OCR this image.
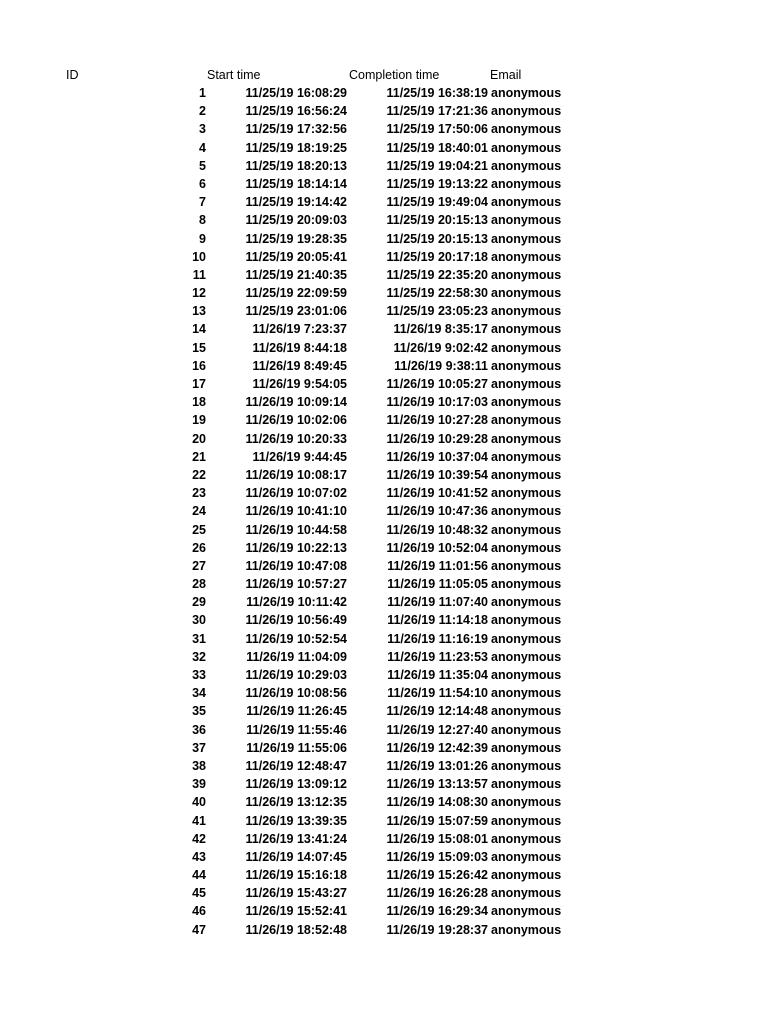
ID	Start time	Completion time	Email
1	11/25/19 16:08:29	11/25/19 16:38:19 anonymous
2	11/25/19 16:56:24	11/25/19 17:21:36 anonymous
3	11/25/19 17:32:56	11/25/19 17:50:06 anonymous
4	11/25/19 18:19:25	11/25/19 18:40:01 anonymous
5	11/25/19 18:20:13	11/25/19 19:04:21 anonymous
6	11/25/19 18:14:14	11/25/19 19:13:22 anonymous
7	11/25/19 19:14:42	11/25/19 19:49:04 anonymous
8	11/25/19 20:09:03	11/25/19 20:15:13 anonymous
9	11/25/19 19:28:35	11/25/19 20:15:13 anonymous
10	11/25/19 20:05:41	11/25/19 20:17:18 anonymous
11	11/25/19 21:40:35	11/25/19 22:35:20 anonymous
12	11/25/19 22:09:59	11/25/19 22:58:30 anonymous
13	11/25/19 23:01:06	11/25/19 23:05:23 anonymous
14	11/26/19 7:23:37	11/26/19 8:35:17 anonymous
15	11/26/19 8:44:18	11/26/19 9:02:42 anonymous
16	11/26/19 8:49:45	11/26/19 9:38:11 anonymous
17	11/26/19 9:54:05	11/26/19 10:05:27 anonymous
18	11/26/19 10:09:14	11/26/19 10:17:03 anonymous
19	11/26/19 10:02:06	11/26/19 10:27:28 anonymous
20	11/26/19 10:20:33	11/26/19 10:29:28 anonymous
21	11/26/19 9:44:45	11/26/19 10:37:04 anonymous
22	11/26/19 10:08:17	11/26/19 10:39:54 anonymous
23	11/26/19 10:07:02	11/26/19 10:41:52 anonymous
24	11/26/19 10:41:10	11/26/19 10:47:36 anonymous
25	11/26/19 10:44:58	11/26/19 10:48:32 anonymous
26	11/26/19 10:22:13	11/26/19 10:52:04 anonymous
27	11/26/19 10:47:08	11/26/19 11:01:56 anonymous
28	11/26/19 10:57:27	11/26/19 11:05:05 anonymous
29	11/26/19 10:11:42	11/26/19 11:07:40 anonymous
30	11/26/19 10:56:49	11/26/19 11:14:18 anonymous
31	11/26/19 10:52:54	11/26/19 11:16:19 anonymous
32	11/26/19 11:04:09	11/26/19 11:23:53 anonymous
33	11/26/19 10:29:03	11/26/19 11:35:04 anonymous
34	11/26/19 10:08:56	11/26/19 11:54:10 anonymous
35	11/26/19 11:26:45	11/26/19 12:14:48 anonymous
36	11/26/19 11:55:46	11/26/19 12:27:40 anonymous
37	11/26/19 11:55:06	11/26/19 12:42:39 anonymous
38	11/26/19 12:48:47	11/26/19 13:01:26 anonymous
39	11/26/19 13:09:12	11/26/19 13:13:57 anonymous
40	11/26/19 13:12:35	11/26/19 14:08:30 anonymous
41	11/26/19 13:39:35	11/26/19 15:07:59 anonymous
42	11/26/19 13:41:24	11/26/19 15:08:01 anonymous
43	11/26/19 14:07:45	11/26/19 15:09:03 anonymous
44	11/26/19 15:16:18	11/26/19 15:26:42 anonymous
45	11/26/19 15:43:27	11/26/19 16:26:28 anonymous
46	11/26/19 15:52:41	11/26/19 16:29:34 anonymous
47	11/26/19 18:52:48	11/26/19 19:28:37 anonymous
